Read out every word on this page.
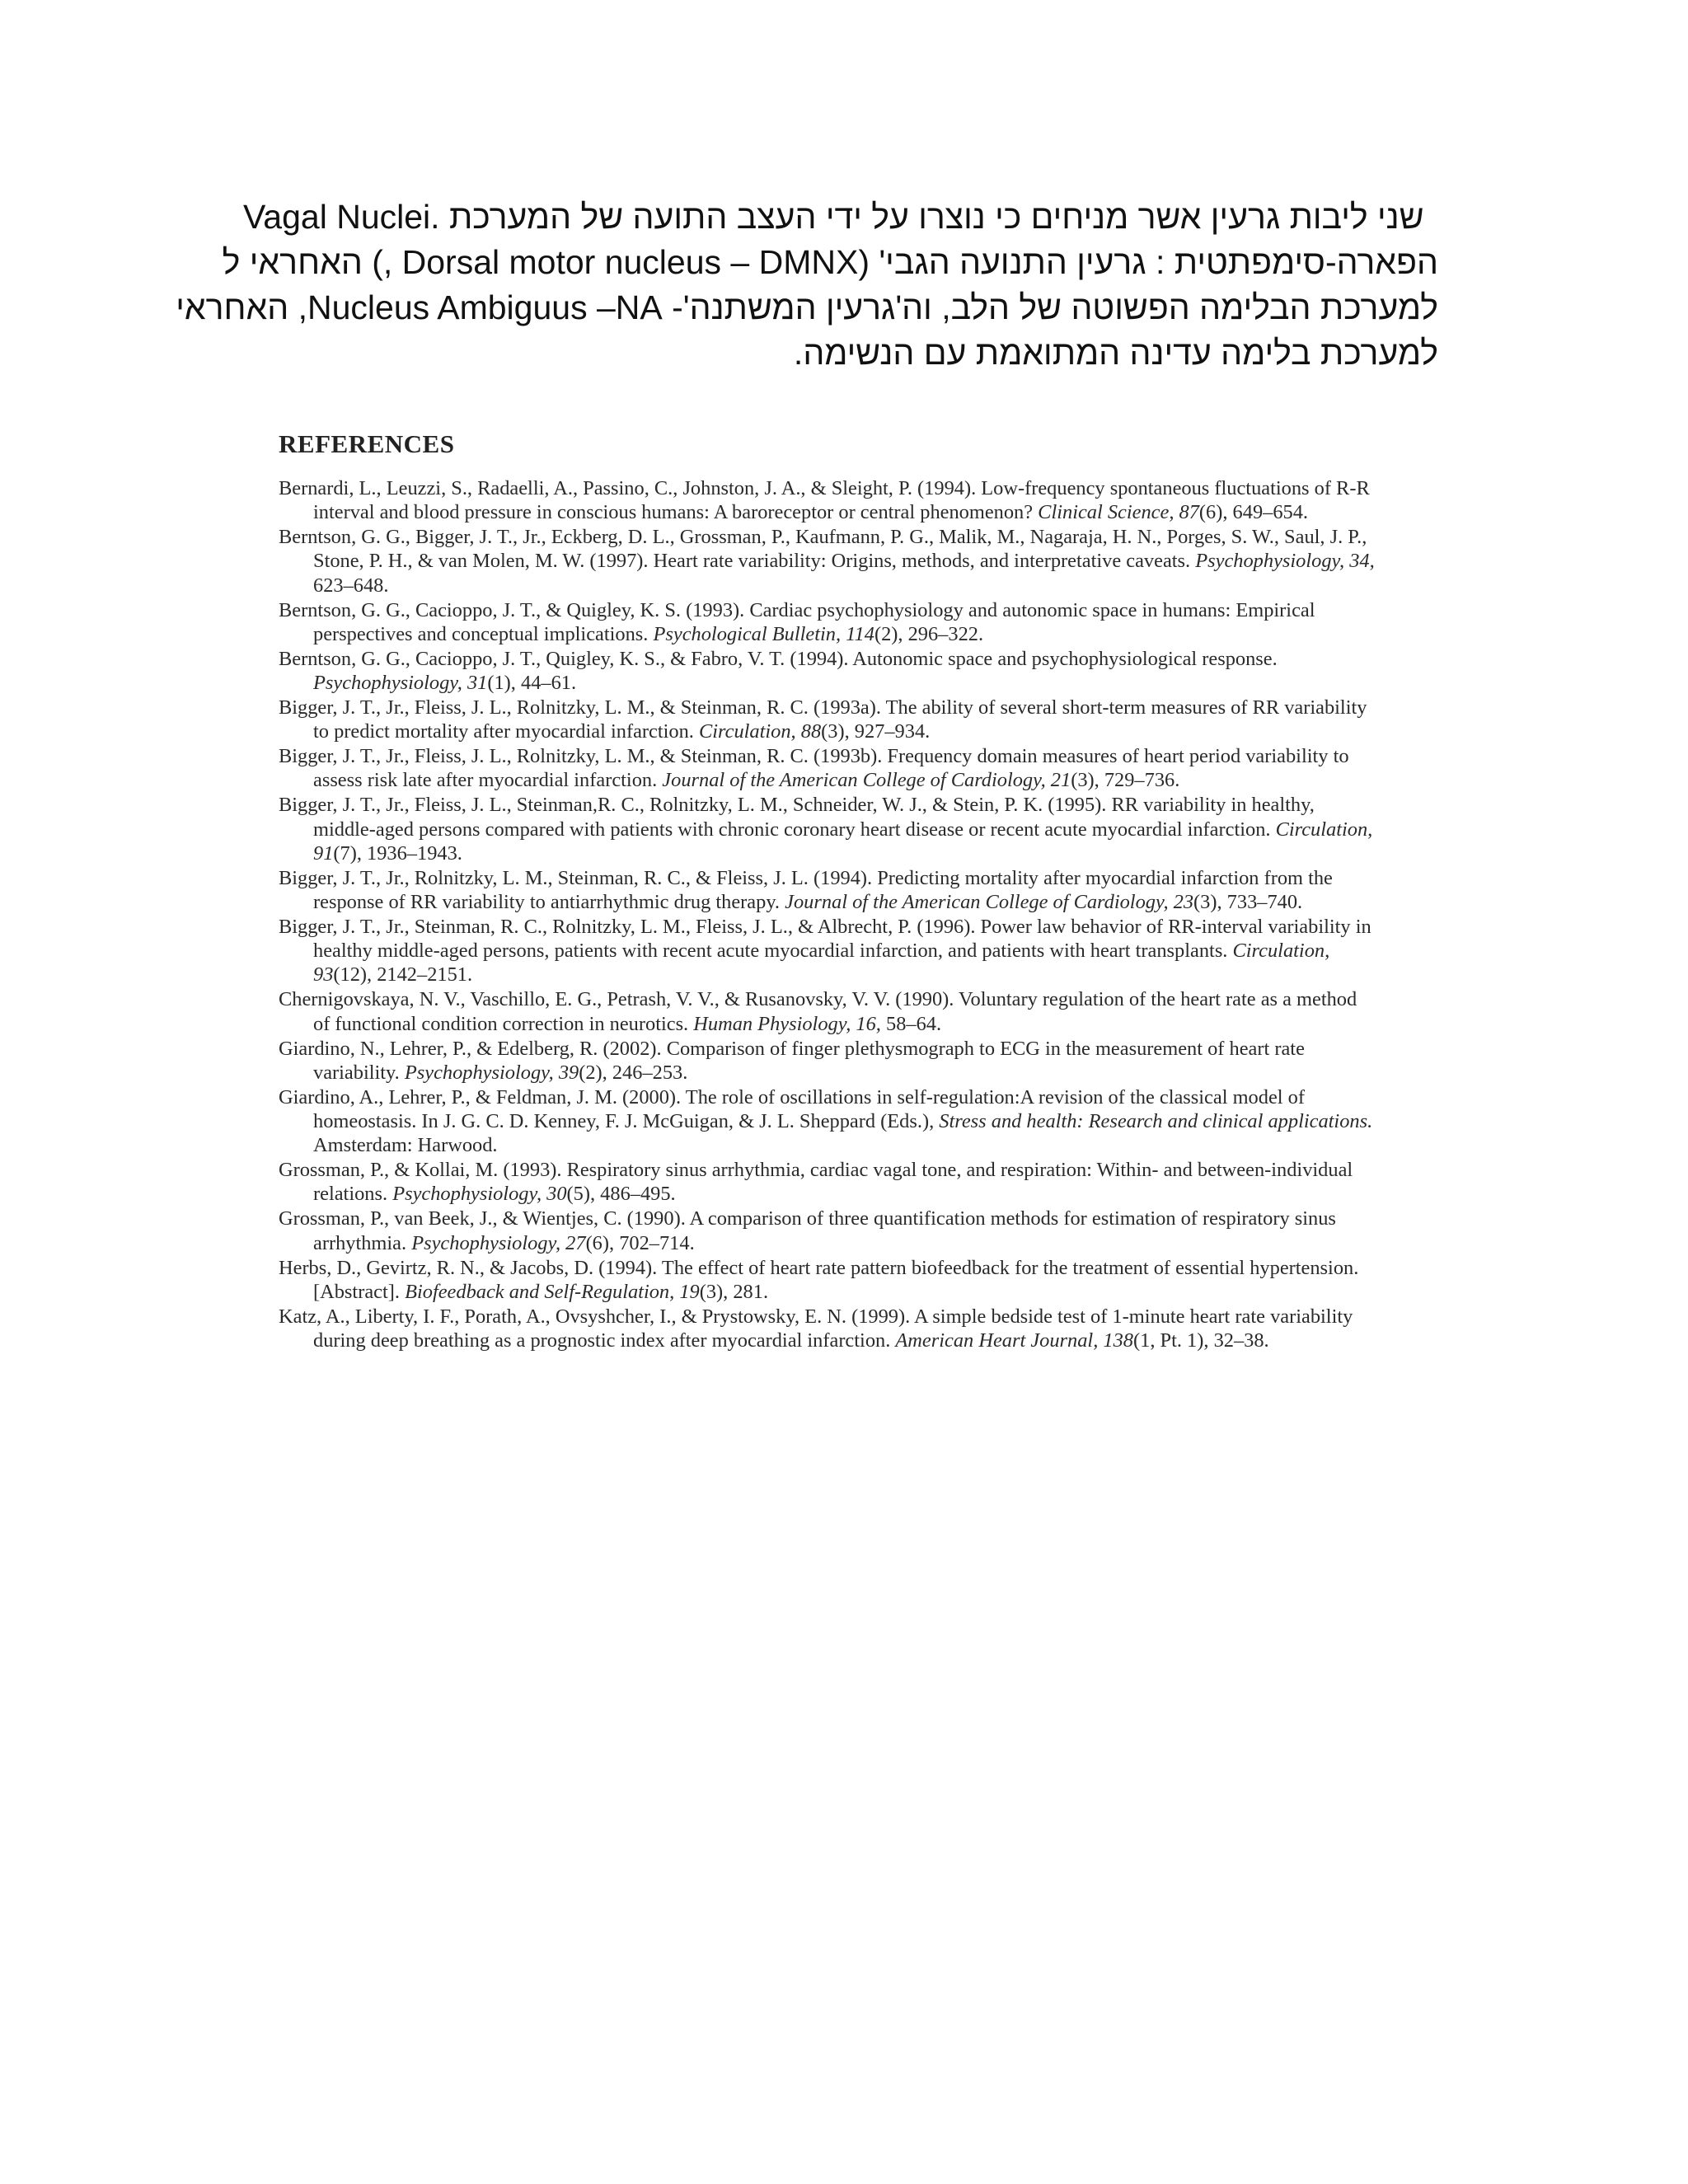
Vagal Nuclei. שני ליבות גרעין אשר מניחים כי נוצרו על ידי העצב התועה של המערכת
הפארה-סימפתטית : גרעין התנועה הגבי' (Dorsal motor nucleus – DMNX ,) האחראי ל
למערכת הבלימה הפשוטה של הלב, וה'גרעין המשתנה'- Nucleus Ambiguus –NA, האחראי
למערכת בלימה עדינה המתואמת עם הנשימה.
REFERENCES

Bernardi, L., Leuzzi, S., Radaelli, A., Passino, C., Johnston, J. A., & Sleight, P. (1994). Low-frequency spontaneous fluctuations of R-R interval and blood pressure in conscious humans: A baroreceptor or central phenomenon? Clinical Science, 87(6), 649–654.

Berntson, G. G., Bigger, J. T., Jr., Eckberg, D. L., Grossman, P., Kaufmann, P. G., Malik, M., Nagaraja, H. N., Porges, S. W., Saul, J. P., Stone, P. H., & van Molen, M. W. (1997). Heart rate variability: Origins, methods, and interpretative caveats. Psychophysiology, 34, 623–648.

Berntson, G. G., Cacioppo, J. T., & Quigley, K. S. (1993). Cardiac psychophysiology and autonomic space in humans: Empirical perspectives and conceptual implications. Psychological Bulletin, 114(2), 296–322.

Berntson, G. G., Cacioppo, J. T., Quigley, K. S., & Fabro, V. T. (1994). Autonomic space and psychophysiological response. Psychophysiology, 31(1), 44–61.

Bigger, J. T., Jr., Fleiss, J. L., Rolnitzky, L. M., & Steinman, R. C. (1993a). The ability of several short-term measures of RR variability to predict mortality after myocardial infarction. Circulation, 88(3), 927–934.

Bigger, J. T., Jr., Fleiss, J. L., Rolnitzky, L. M., & Steinman, R. C. (1993b). Frequency domain measures of heart period variability to assess risk late after myocardial infarction. Journal of the American College of Cardiology, 21(3), 729–736.

Bigger, J. T., Jr., Fleiss, J. L., Steinman,R. C., Rolnitzky, L. M., Schneider, W. J., & Stein, P. K. (1995). RR variability in healthy, middle-aged persons compared with patients with chronic coronary heart disease or recent acute myocardial infarction. Circulation, 91(7), 1936–1943.

Bigger, J. T., Jr., Rolnitzky, L. M., Steinman, R. C., & Fleiss, J. L. (1994). Predicting mortality after myocardial infarction from the response of RR variability to antiarrhythmic drug therapy. Journal of the American College of Cardiology, 23(3), 733–740.

Bigger, J. T., Jr., Steinman, R. C., Rolnitzky, L. M., Fleiss, J. L., & Albrecht, P. (1996). Power law behavior of RR-interval variability in healthy middle-aged persons, patients with recent acute myocardial infarction, and patients with heart transplants. Circulation, 93(12), 2142–2151.

Chernigovskaya, N. V., Vaschillo, E. G., Petrash, V. V., & Rusanovsky, V. V. (1990). Voluntary regulation of the heart rate as a method of functional condition correction in neurotics. Human Physiology, 16, 58–64.

Giardino, N., Lehrer, P., & Edelberg, R. (2002). Comparison of finger plethysmograph to ECG in the measurement of heart rate variability. Psychophysiology, 39(2), 246–253.

Giardino, A., Lehrer, P., & Feldman, J. M. (2000). The role of oscillations in self-regulation:A revision of the classical model of homeostasis. In J. G. C. D. Kenney, F. J. McGuigan, & J. L. Sheppard (Eds.), Stress and health: Research and clinical applications. Amsterdam: Harwood.

Grossman, P., & Kollai, M. (1993). Respiratory sinus arrhythmia, cardiac vagal tone, and respiration: Within- and between-individual relations. Psychophysiology, 30(5), 486–495.

Grossman, P., van Beek, J., & Wientjes, C. (1990). A comparison of three quantification methods for estimation of respiratory sinus arrhythmia. Psychophysiology, 27(6), 702–714.

Herbs, D., Gevirtz, R. N., & Jacobs, D. (1994). The effect of heart rate pattern biofeedback for the treatment of essential hypertension. [Abstract]. Biofeedback and Self-Regulation, 19(3), 281.

Katz, A., Liberty, I. F., Porath, A., Ovsyshcher, I., & Prystowsky, E. N. (1999). A simple bedside test of 1-minute heart rate variability during deep breathing as a prognostic index after myocardial infarction. American Heart Journal, 138(1, Pt. 1), 32–38.
